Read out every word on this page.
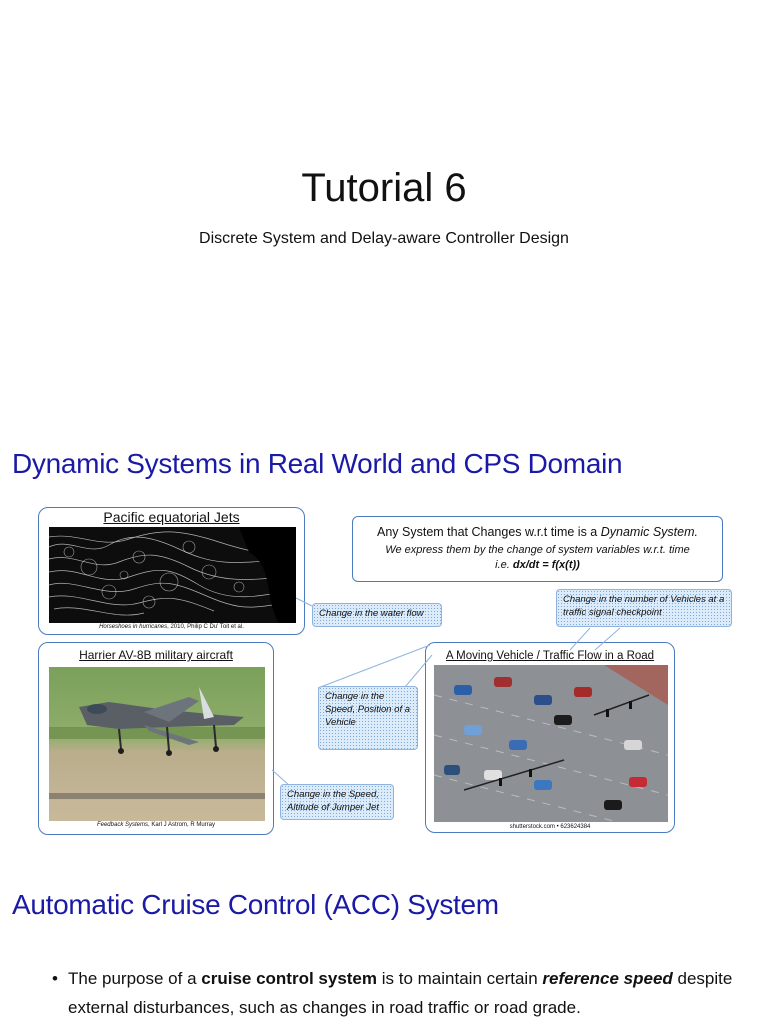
Tutorial 6
Discrete System and Delay-aware Controller Design
Dynamic Systems in Real World and CPS Domain
Pacific equatorial Jets
Horseshoes in hurricanes, 2010, Philip C Du' Toit et al.
Harrier AV-8B military aircraft
Feedback Systems, Karl J Astrom, R Murray
Any System that Changes w.r.t time is a Dynamic System.
We express them by the change of system variables w.r.t. time
i.e. dx/dt = f(x(t))
A Moving Vehicle / Traffic Flow in a Road
shutterstock.com • 623624384
Change in the water flow
Change in the number of Vehicles at a traffic signal checkpoint
Change in the Speed, Position of a Vehicle
Change in the Speed, Altitude of Jumper Jet
Automatic Cruise Control (ACC) System
• The purpose of a cruise control system is to maintain certain reference speed despite external disturbances, such as changes in road traffic or road grade.
